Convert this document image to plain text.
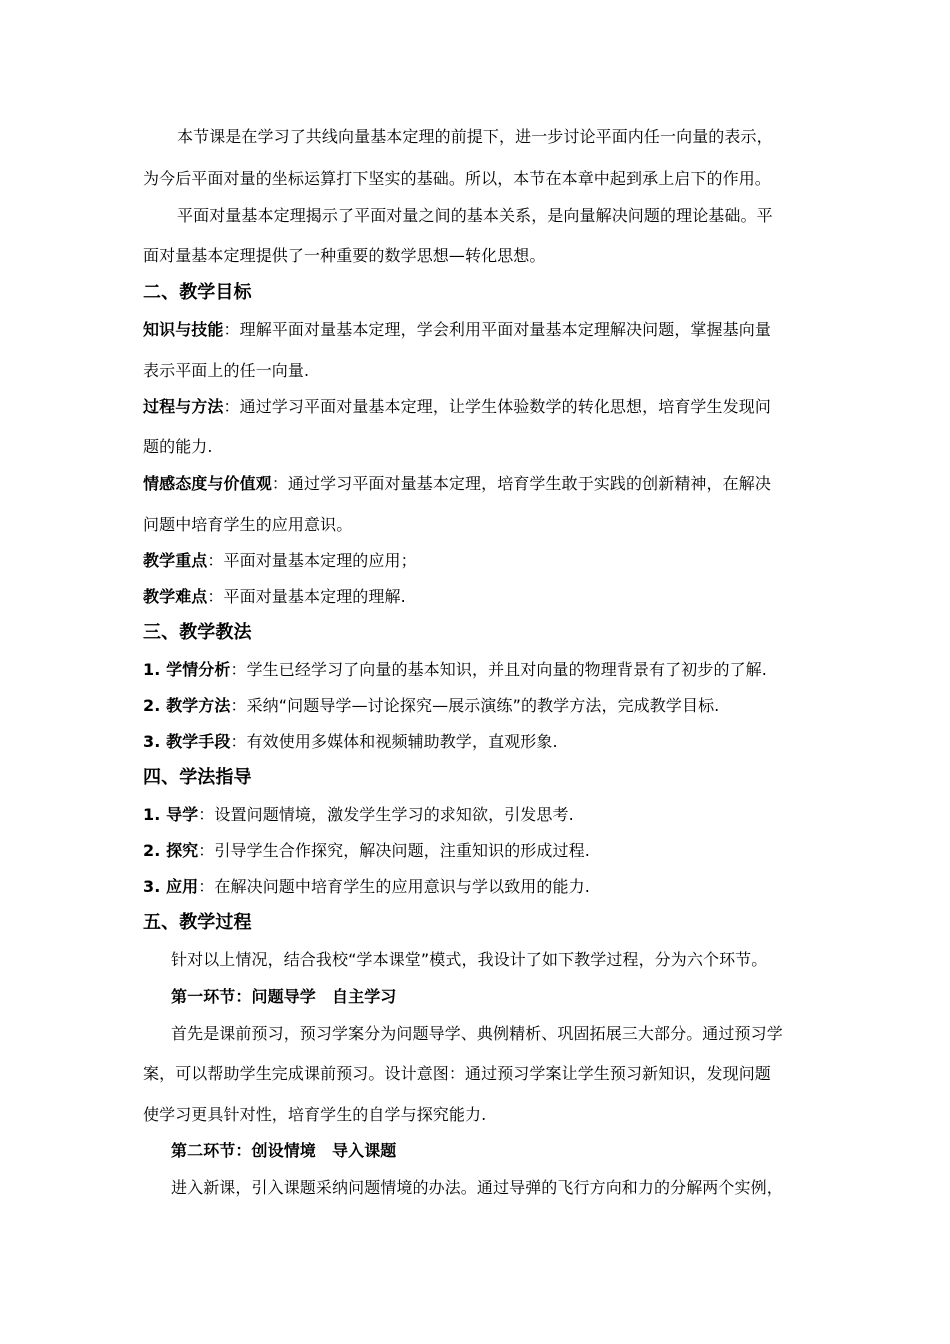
本节课是在学习了共线向量基本定理的前提下，进一步讨论平面内任一向量的表示，
为今后平面对量的坐标运算打下坚实的基础。所以，本节在本章中起到承上启下的作用。
平面对量基本定理揭示了平面对量之间的基本关系，是向量解决问题的理论基础。平
面对量基本定理提供了一种重要的数学思想—转化思想。
二、教学目标
知识与技能：理解平面对量基本定理，学会利用平面对量基本定理解决问题，掌握基向量
表示平面上的任一向量.
过程与方法：通过学习平面对量基本定理，让学生体验数学的转化思想，培育学生发现问
题的能力.
情感态度与价值观：通过学习平面对量基本定理，培育学生敢于实践的创新精神，在解决
问题中培育学生的应用意识。
教学重点：平面对量基本定理的应用；
教学难点：平面对量基本定理的理解.
三、教学教法
1. 学情分析：学生已经学习了向量的基本知识，并且对向量的物理背景有了初步的了解.
2. 教学方法：采纳“问题导学—讨论探究—展示演练”的教学方法，完成教学目标.
3. 教学手段：有效使用多媒体和视频辅助教学，直观形象.
四、学法指导
1. 导学：设置问题情境，激发学生学习的求知欲，引发思考.
2. 探究：引导学生合作探究，解决问题，注重知识的形成过程.
3. 应用：在解决问题中培育学生的应用意识与学以致用的能力.
五、教学过程
针对以上情况，结合我校“学本课堂”模式，我设计了如下教学过程，分为六个环节。
第一环节：问题导学　自主学习
首先是课前预习，预习学案分为问题导学、典例精析、巩固拓展三大部分。通过预习学
案，可以帮助学生完成课前预习。设计意图：通过预习学案让学生预习新知识，发现问题
使学习更具针对性，培育学生的自学与探究能力.
第二环节：创设情境　导入课题
进入新课，引入课题采纳问题情境的办法。通过导弹的飞行方向和力的分解两个实例，
